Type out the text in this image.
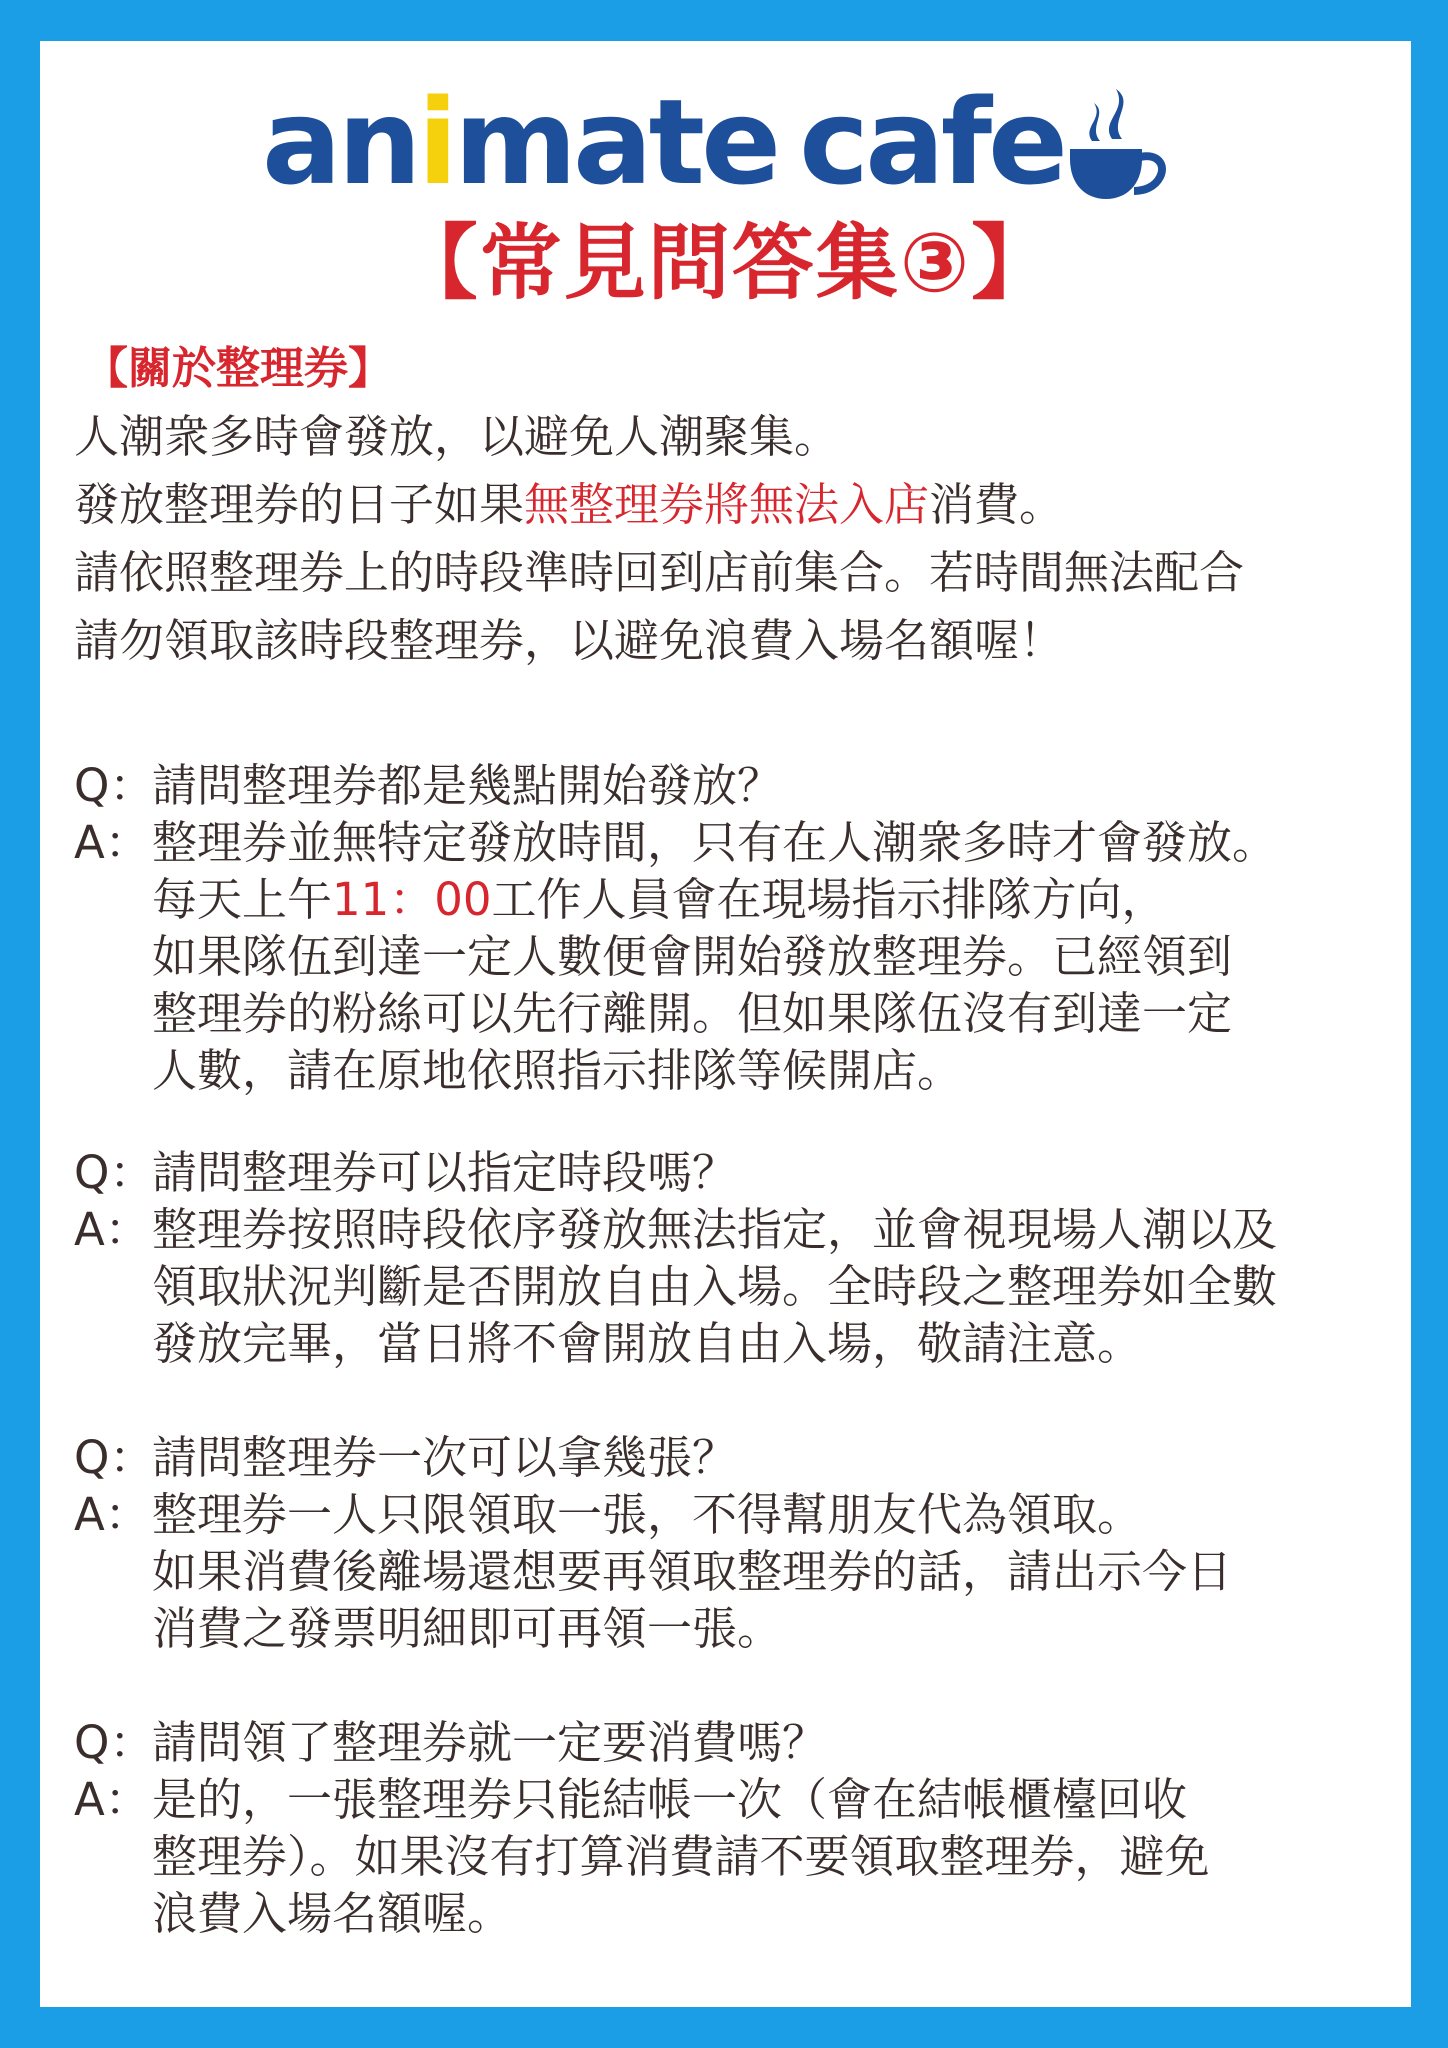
animate cafe
【常見問答集③】
【關於整理券】
人潮衆多時會發放，以避免人潮聚集。
發放整理券的日子如果無整理券將無法入店消費。
請依照整理券上的時段準時回到店前集合。若時間無法配合
請勿領取該時段整理券，以避免浪費入場名額喔！
Q：
請問整理券都是幾點開始發放？
A： 整理券並無特定發放時間，只有在人潮衆多時才會發放。
每天上午11：00工作人員會在現場指示排隊方向，
如果隊伍到達一定人數便會開始發放整理券。已經領到
整理券的粉絲可以先行離開。但如果隊伍沒有到達一定
人數，請在原地依照指示排隊等候開店。
Q：
請問整理券可以指定時段嗎？
A： 整理券按照時段依序發放無法指定，並會視現場人潮以及
領取狀況判斷是否開放自由入場。全時段之整理券如全數
發放完畢，當日將不會開放自由入場，敬請注意。
Q：
請問整理券一次可以拿幾張？
A： 整理券一人只限領取一張，不得幫朋友代為領取。
如果消費後離場還想要再領取整理券的話，請出示今日
消費之發票明細即可再領一張。
Q：
請問領了整理券就一定要消費嗎？
A： 是的，一張整理券只能結帳一次（會在結帳櫃檯回收
整理券）。如果沒有打算消費請不要領取整理券，避免
浪費入場名額喔。
